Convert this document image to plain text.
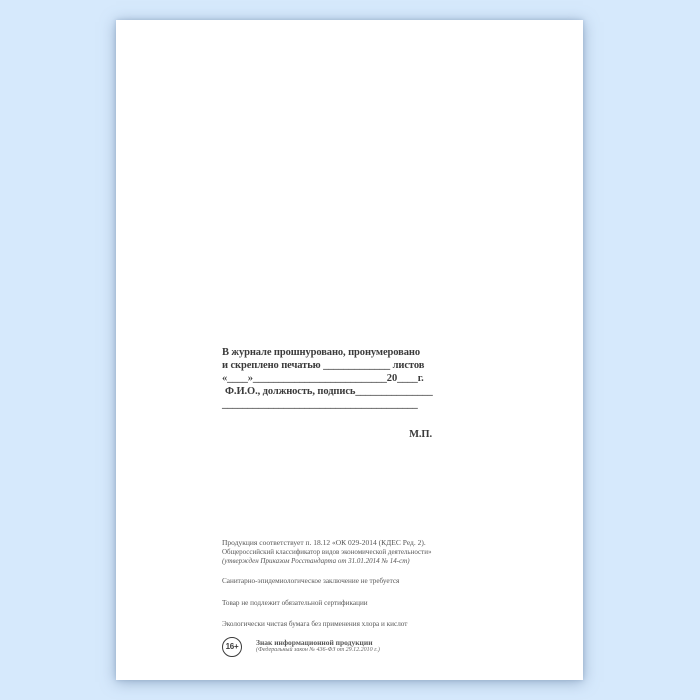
В журнале прошнуровано, пронумеровано
и скреплено печатью _____________ листов
«____»__________________________20____г.
Ф.И.О., должность, подпись_______________
______________________________________
М.П.

Продукция соответствует п. 18.12 «ОК 029-2014 (КДЕС Ред. 2).

Общероссийский классификатор видов экономической деятельности»

(утвержден Приказом Росстандарта от 31.01.2014 № 14-ст)

Санитарно-эпидемиологическое заключение не требуется

Товар не подлежит обязательной сертификации

Экологически чистая бумага без применения хлора и кислот

16+ Знак информационной продукции
(Федеральный закон № 436-ФЗ от 29.12.2010 г.)
